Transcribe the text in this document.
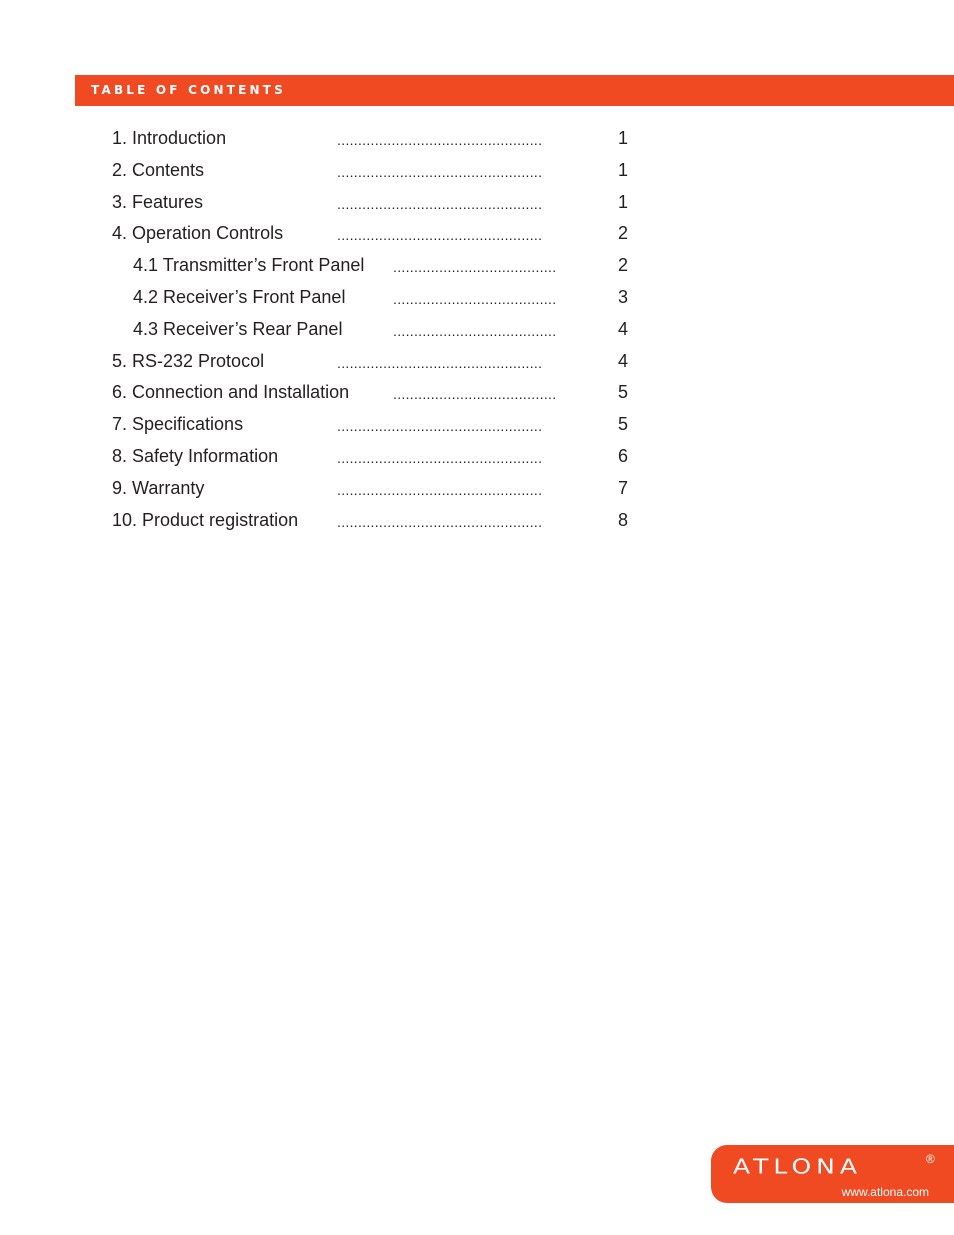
TABLE OF CONTENTS
1. Introduction	.................................................	1
2. Contents	.................................................	1
3. Features	.................................................	1
4. Operation Controls	.................................................	2
4.1 Transmitter’s Front Panel .......................................	2
4.2 Receiver’s Front Panel	.......................................	3
4.3 Receiver’s Rear Panel	.......................................	4
5. RS-232 Protocol	.................................................	4
6. Connection and Installation	.......................................	5
7. Specifications	.................................................	5
8. Safety Information	.................................................	6
9. Warranty	.................................................	7
10. Product registration	.................................................	8
ATLONA	®
www.atlona.com
